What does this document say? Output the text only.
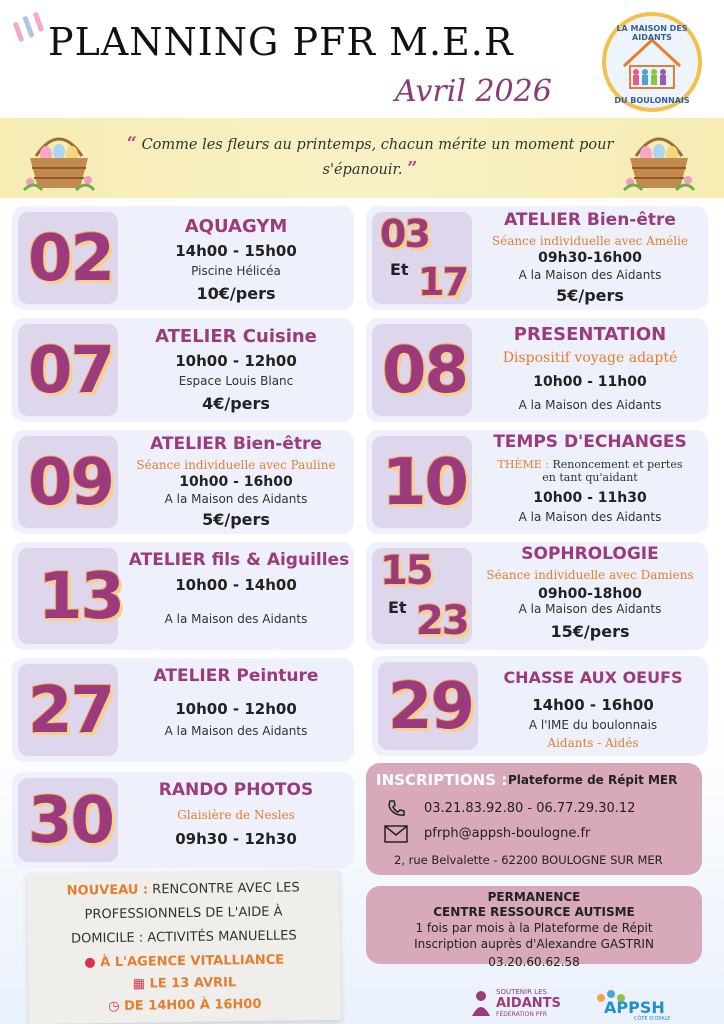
PLANNING PFR M.E.R
Avril 2026
LA MAISON DES AIDANTS
DU BOULONNAIS
“ Comme les fleurs au printemps, chacun mérite un moment pour s'épanouir. ”
02	AQUAGYM
14h00 - 15h00
Piscine Hélicéa
10€/pers
03
Et 17
ATELIER Bien-être
Séance individuelle avec Amélie
09h30-16h00
A la Maison des Aidants
5€/pers
07	ATELIER Cuisine
10h00 - 12h00
Espace Louis Blanc
4€/pers	08	PRESENTATION
Dispositif voyage adapté
10h00 - 11h00
A la Maison des Aidants
09
ATELIER Bien-être
Séance individuelle avec Pauline
10h00 - 16h00
A la Maison des Aidants
5€/pers	10
TEMPS D'ECHANGES
THÈME : Renoncement et pertes en tant qu'aidant
10h00 - 11h30
A la Maison des Aidants
13 ATELIER fils & Aiguilles
10h00 - 14h00
A la Maison des Aidants
15
Et 23
SOPHROLOGIE
Séance individuelle avec Damiens
09h00-18h00
A la Maison des Aidants
15€/pers
27	ATELIER Peinture
10h00 - 12h00
A la Maison des Aidants	29	CHASSE AUX OEUFS
14h00 - 16h00
A l'IME du boulonnais
Aidants - Aidés
30	RANDO PHOTOS
Glaisière de Nesles
09h30 - 12h30
INSCRIPTIONS : Plateforme de Répit MER
03.21.83.92.80 - 06.77.29.30.12
pfrph@appsh-boulogne.fr
2, rue Belvalette - 62200 BOULOGNE SUR MER
PERMANENCE
CENTRE RESSOURCE AUTISME
1 fois par mois à la Plateforme de Répit
Inscription auprès d'Alexandre GASTRIN
03.20.60.62.58
NOUVEAU : RENCONTRE AVEC LES
PROFESSIONNELS DE L'AIDE À
DOMICILE : ACTIVITÉS MANUELLES
● À L'AGENCE VITALLIANCE
▦ LE 13 AVRIL
◷ DE 14H00 À 16H00
SOUTENIR LES
AIDANTS
FÉDÉRATION PFR	APPSH
CÔTE D'OPALE
